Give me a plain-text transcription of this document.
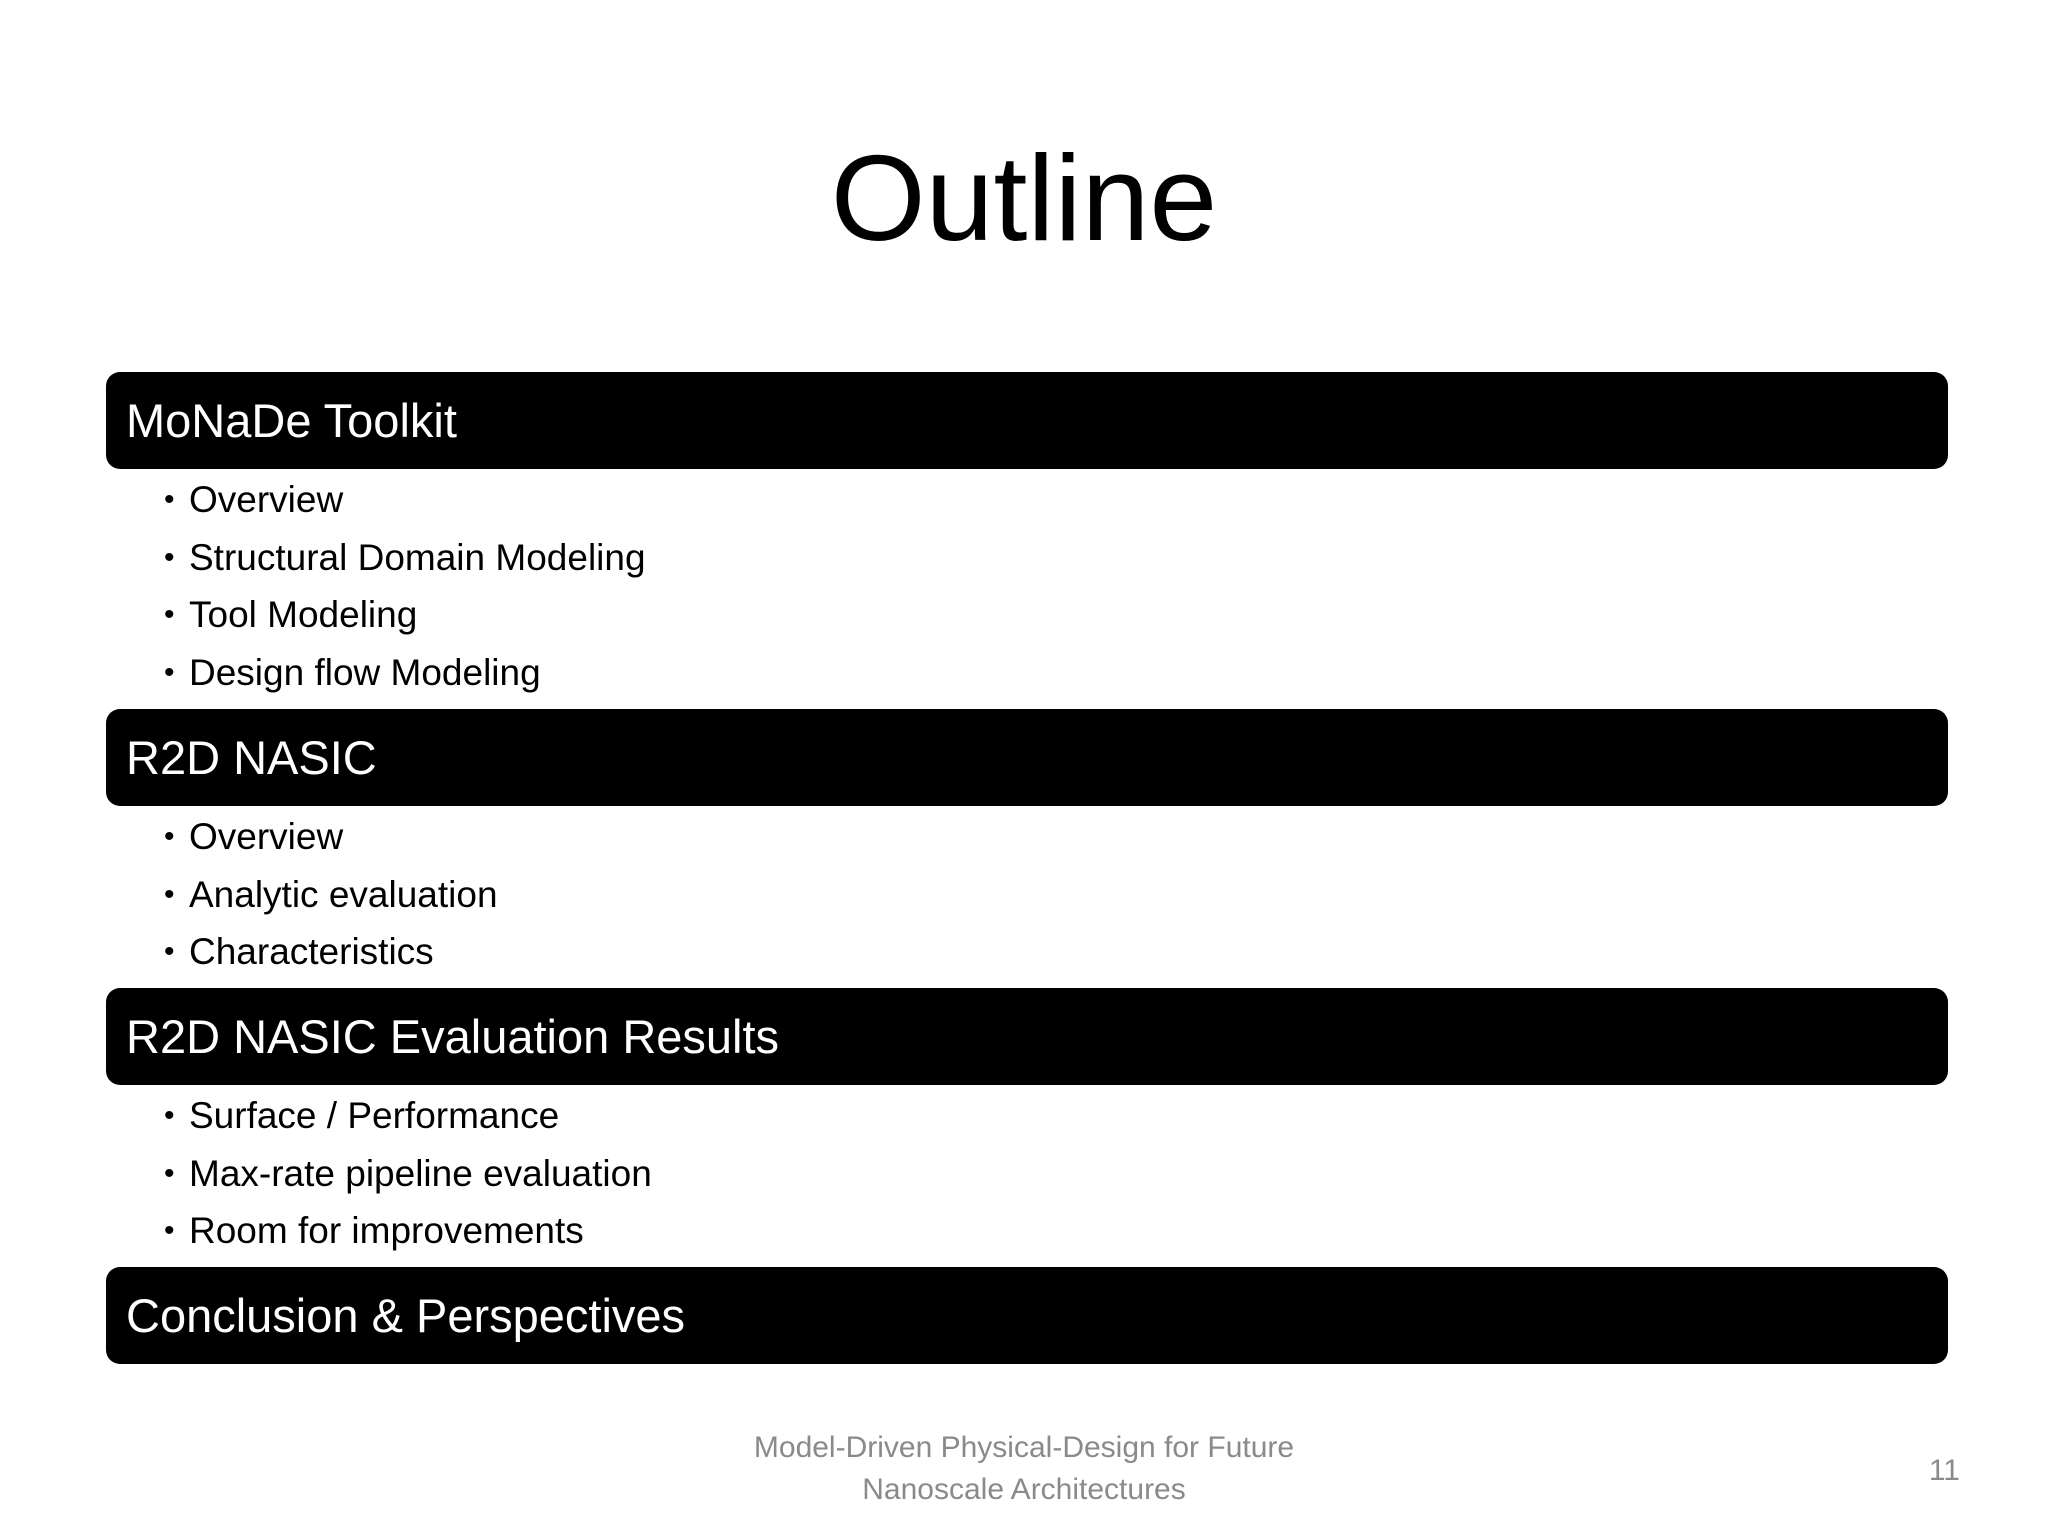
Outline
MoNaDe Toolkit
• Overview
• Structural Domain Modeling
• Tool Modeling
• Design flow Modeling
R2D NASIC
• Overview
• Analytic evaluation
• Characteristics
R2D NASIC Evaluation Results
• Surface / Performance
• Max-rate pipeline evaluation
• Room for improvements
Conclusion & Perspectives
Model-Driven Physical-Design for Future
Nanoscale Architectures
11
